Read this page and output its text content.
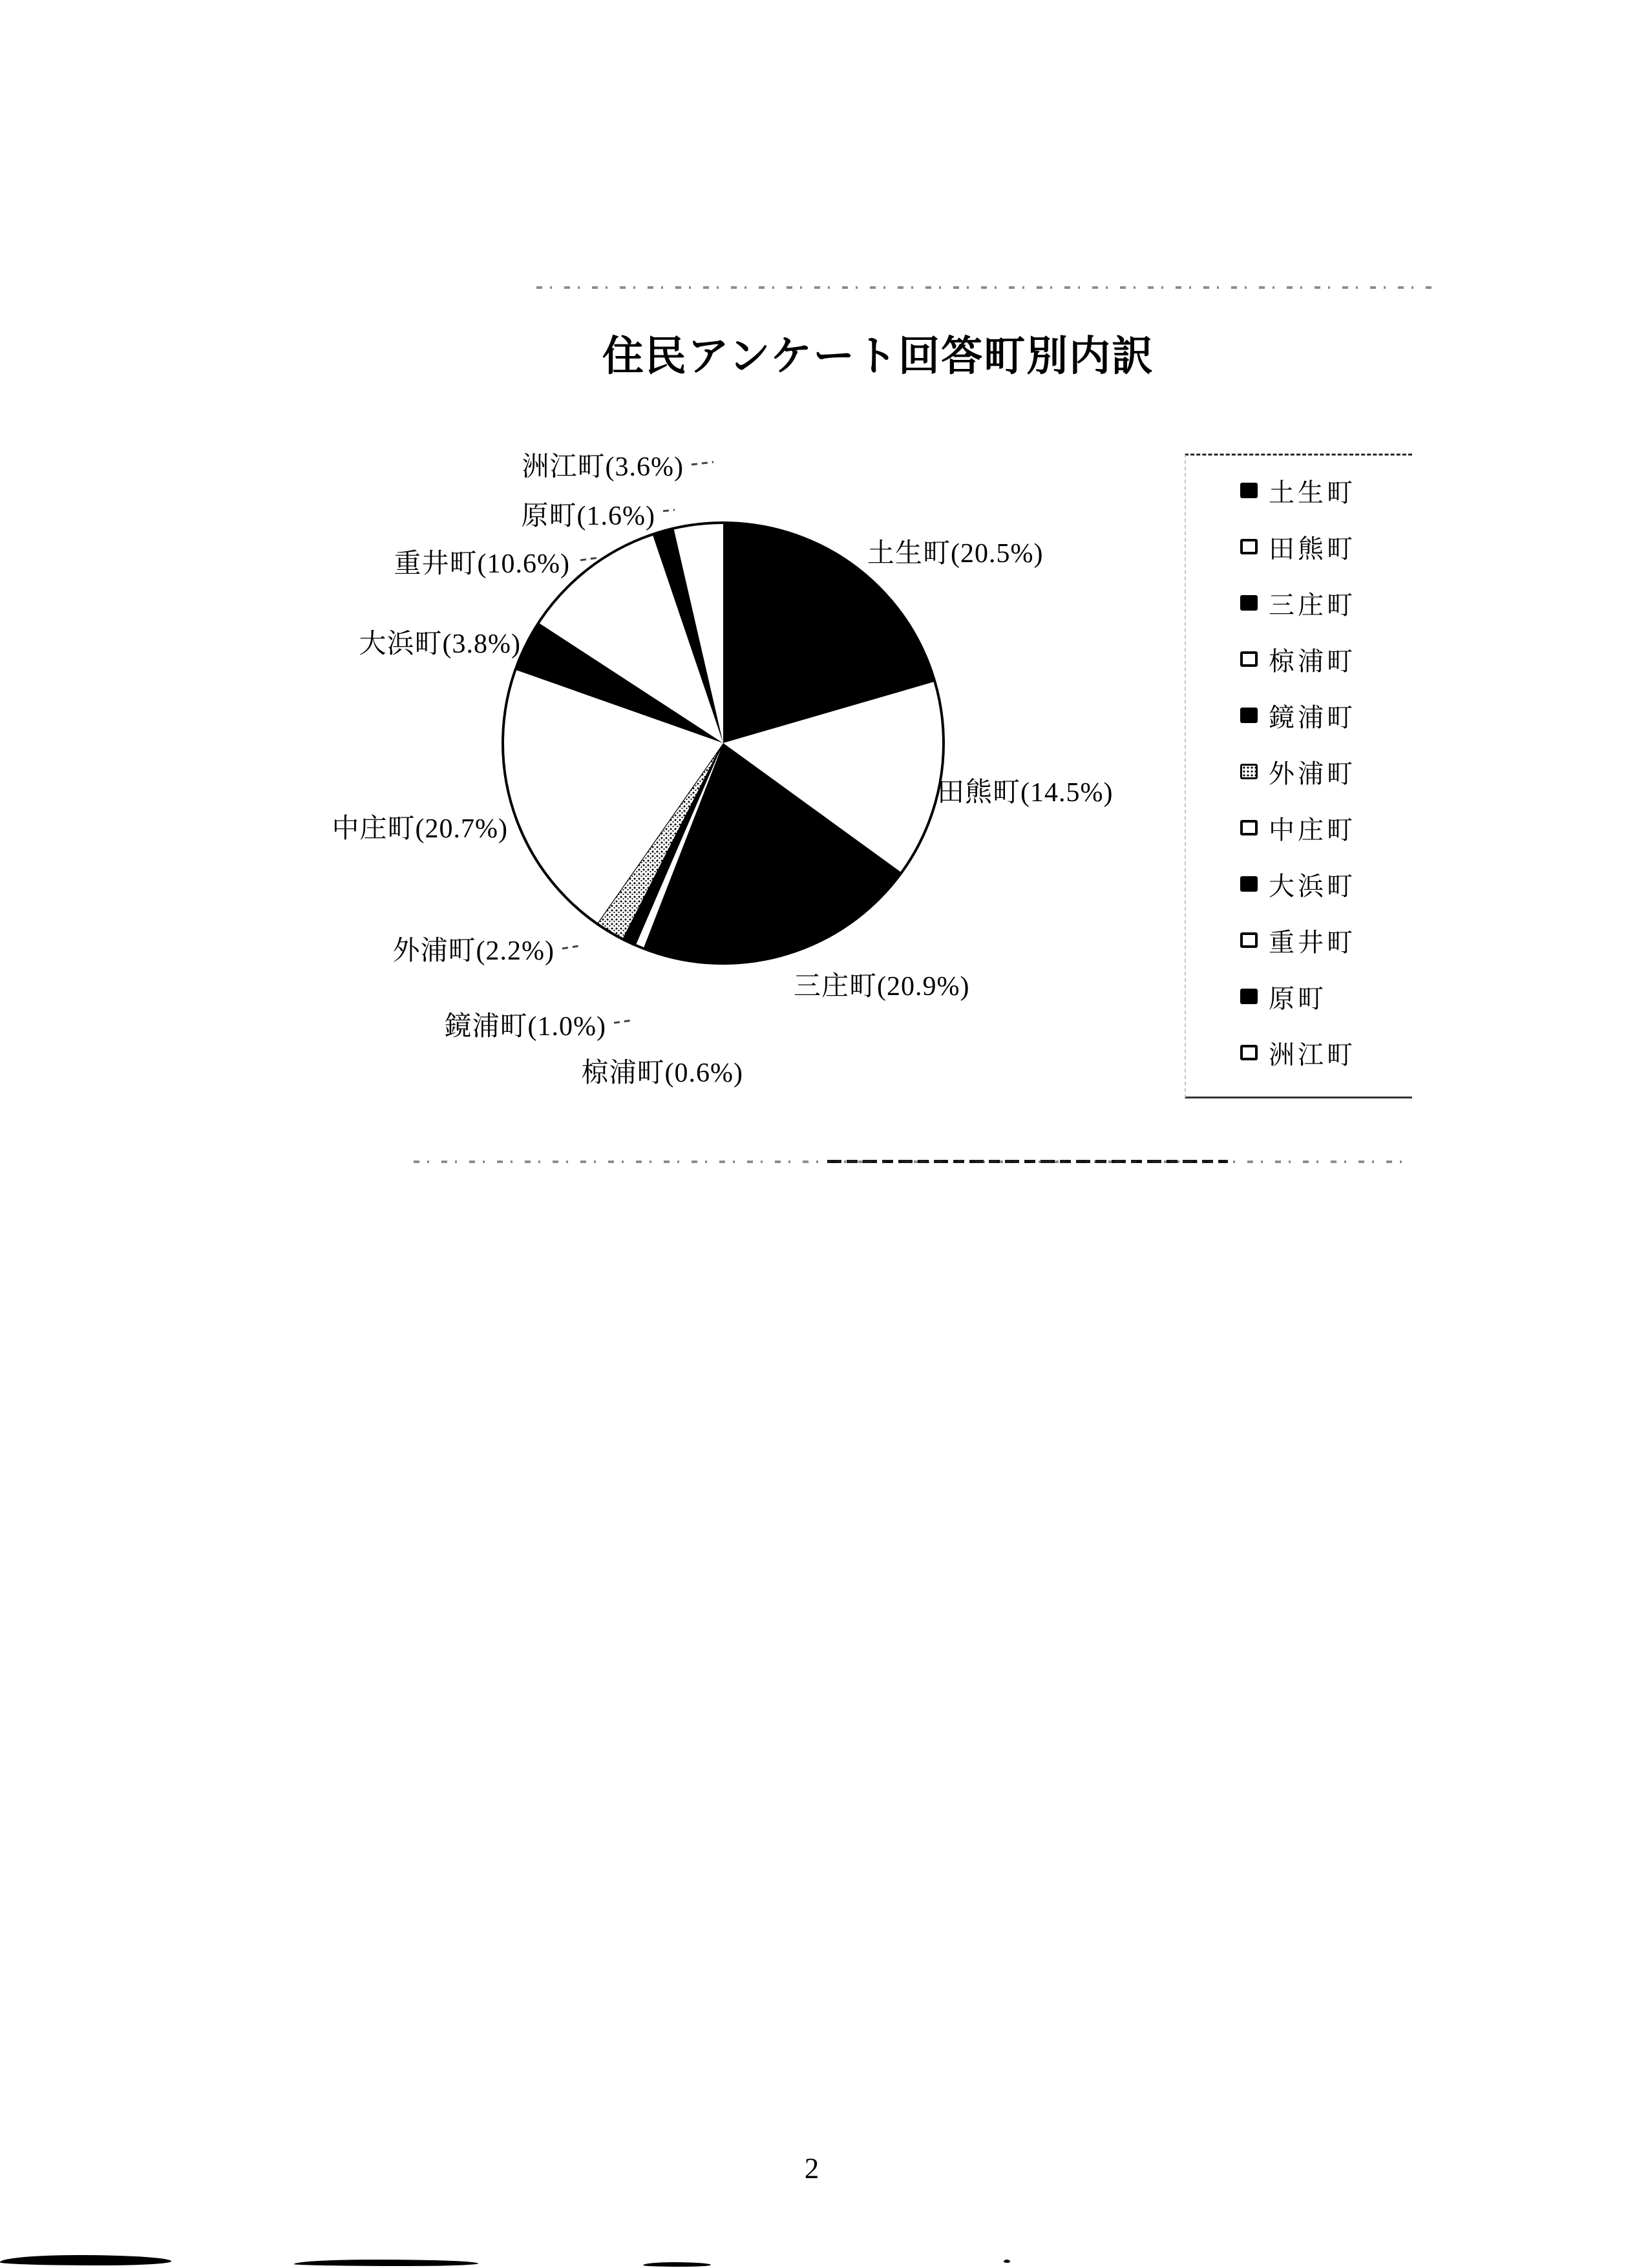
住民アンケート回答町別内訳
土生町(20.5%)
田熊町(14.5%)
三庄町(20.9%)
椋浦町(0.6%)
鏡浦町(1.0%)
外浦町(2.2%)
中庄町(20.7%)
大浜町(3.8%)
重井町(10.6%)
原町(1.6%)
洲江町(3.6%)
土生町
田熊町
三庄町
椋浦町
鏡浦町
外浦町
中庄町
大浜町
重井町
原町
洲江町
2
